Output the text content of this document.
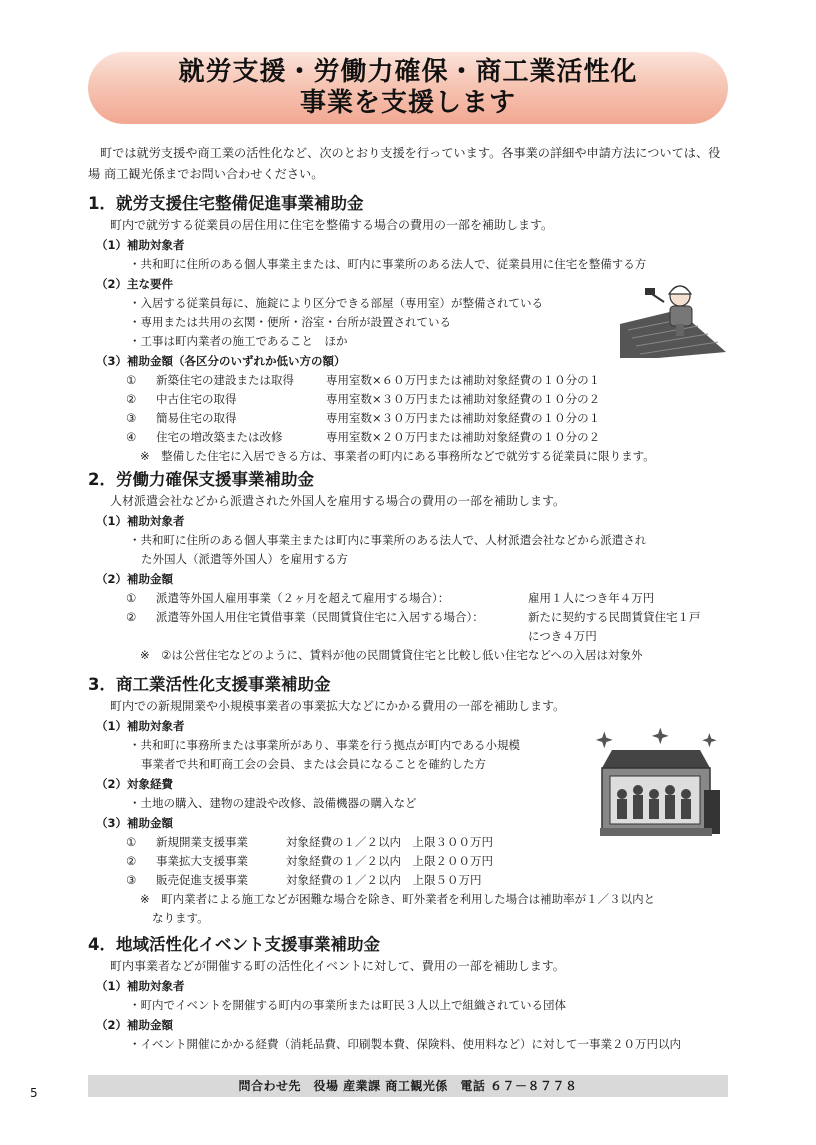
就労支援・労働力確保・商工業活性化
事業を支援します
町では就労支援や商工業の活性化など、次のとおり支援を行っています。各事業の詳細や申請方法については、役場 商工観光係までお問い合わせください。
1．就労支援住宅整備促進事業補助金
町内で就労する従業員の居住用に住宅を整備する場合の費用の一部を補助します。
（1）補助対象者
・共和町に住所のある個人事業主または、町内に事業所のある法人で、従業員用に住宅を整備する方
（2）主な要件
・入居する従業員毎に、施錠により区分できる部屋（専用室）が整備されている
・専用または共用の玄関・便所・浴室・台所が設置されている
・工事は町内業者の施工であること　ほか
（3）補助金額（各区分のいずれか低い方の額）
①	新築住宅の建設または取得	専用室数×６０万円または補助対象経費の１０分の１
②	中古住宅の取得	専用室数×３０万円または補助対象経費の１０分の２
③	簡易住宅の取得	専用室数×３０万円または補助対象経費の１０分の１
④	住宅の増改築または改修	専用室数×２０万円または補助対象経費の１０分の２
※　整備した住宅に入居できる方は、事業者の町内にある事務所などで就労する従業員に限ります。
2．労働力確保支援事業補助金
人材派遣会社などから派遣された外国人を雇用する場合の費用の一部を補助します。
（1）補助対象者
・共和町に住所のある個人事業主または町内に事業所のある法人で、人材派遣会社などから派遣され
た外国人（派遣等外国人）を雇用する方
（2）補助金額
①	派遣等外国人雇用事業（２ヶ月を超えて雇用する場合）：	雇用１人につき年４万円
②	派遣等外国人用住宅賃借事業（民間賃貸住宅に入居する場合）：	新たに契約する民間賃貸住宅１戸
につき４万円
※　②は公営住宅などのように、賃料が他の民間賃貸住宅と比較し低い住宅などへの入居は対象外
3．商工業活性化支援事業補助金
町内での新規開業や小規模事業者の事業拡大などにかかる費用の一部を補助します。
（1）補助対象者
・共和町に事務所または事業所があり、事業を行う拠点が町内である小規模
事業者で共和町商工会の会員、または会員になることを確約した方
（2）対象経費
・土地の購入、建物の建設や改修、設備機器の購入など
（3）補助金額
①	新規開業支援事業	対象経費の１／２以内　上限３００万円
②	事業拡大支援事業	対象経費の１／２以内　上限２００万円
③	販売促進支援事業	対象経費の１／２以内　上限５０万円
※　町内業者による施工などが困難な場合を除き、町外業者を利用した場合は補助率が１／３以内と
なります。
4．地域活性化イベント支援事業補助金
町内事業者などが開催する町の活性化イベントに対して、費用の一部を補助します。
（1）補助対象者
・町内でイベントを開催する町内の事業所または町民３人以上で組織されている団体
（2）補助金額
・イベント開催にかかる経費（消耗品費、印刷製本費、保険料、使用料など）に対して一事業２０万円以内
問合わせ先　役場 産業課 商工観光係　電話 ６７－８７７８
5
